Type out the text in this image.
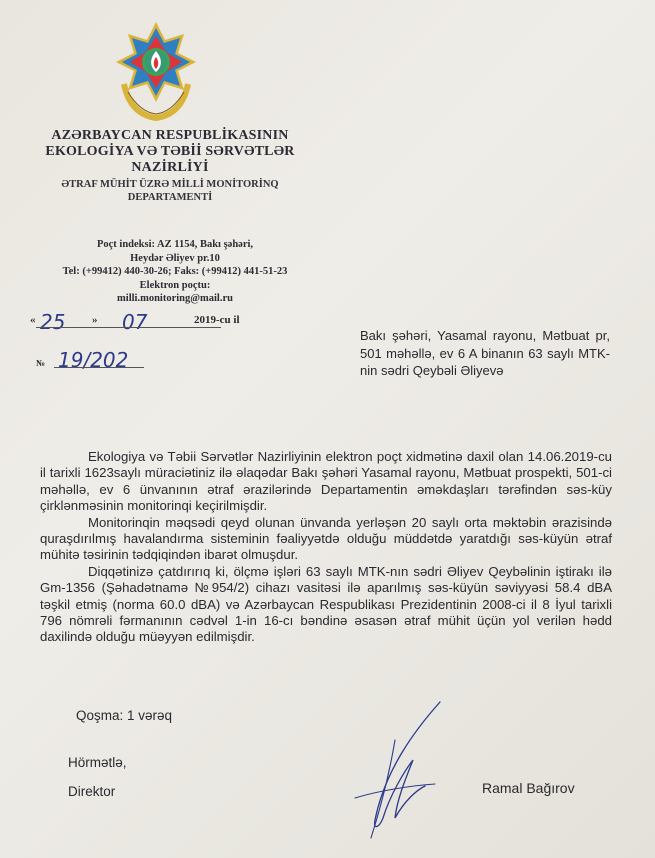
AZƏRBAYCAN RESPUBLİKASININ
EKOLOGİYA VƏ TƏBİİ SƏRVƏTLƏR
NAZİRLİYİ
ƏTRAF MÜHİT ÜZRƏ MİLLİ MONİTORİNQ
DEPARTAMENTİ
Poçt indeksi: AZ 1154, Bakı şəhəri,
Heydər Əliyev pr.10
Tel: (+99412) 440-30-26; Faks: (+99412) 441-51-23
Elektron poçtu:
milli.monitoring@mail.ru
« 25 » 07	2019-cu il
№ 19/202
Bakı şəhəri, Yasamal rayonu, Mətbuat pr, 501 məhəllə, ev 6 A binanın 63 saylı MTK-nin sədri Qeybəli Əliyevə

Ekologiya və Təbii Sərvətlər Nazirliyinin elektron poçt xidmətinə daxil olan 14.06.2019-cu il tarixli 1623saylı müraciətiniz ilə əlaqədar Bakı şəhəri Yasamal rayonu, Mətbuat prospekti, 501-ci məhəllə, ev 6 ünvanının ətraf ərazilərində Departamentin əməkdaşları tərəfindən səs-küy çirklənməsinin monitorinqi keçirilmişdir.

Monitorinqin məqsədi qeyd olunan ünvanda yerləşən 20 saylı orta məktəbin ərazisində quraşdırılmış havalandırma sisteminin fəaliyyətdə olduğu müddətdə yaratdığı səs-küyün ətraf mühitə təsirinin tədqiqindən ibarət olmuşdur.

Diqqətinizə çatdırırıq ki, ölçmə işləri 63 saylı MTK-nın sədri Əliyev Qeybəlinin iştirakı ilə Gm-1356 (Şəhadətnamə №954/2) cihazı vasitəsi ilə aparılmış səs-küyün səviyyəsi 58.4 dBA təşkil etmiş (norma 60.0 dBA) və Azərbaycan Respublikası Prezidentinin 2008-ci il 8 İyul tarixli 796 nömrəli fərmanının cədvəl 1-in 16-cı bəndinə əsasən ətraf mühit üçün yol verilən hədd daxilində olduğu müəyyən edilmişdir.

Qoşma: 1 vərəq
Hörmətlə,
Direktor	Ramal Bağırov
